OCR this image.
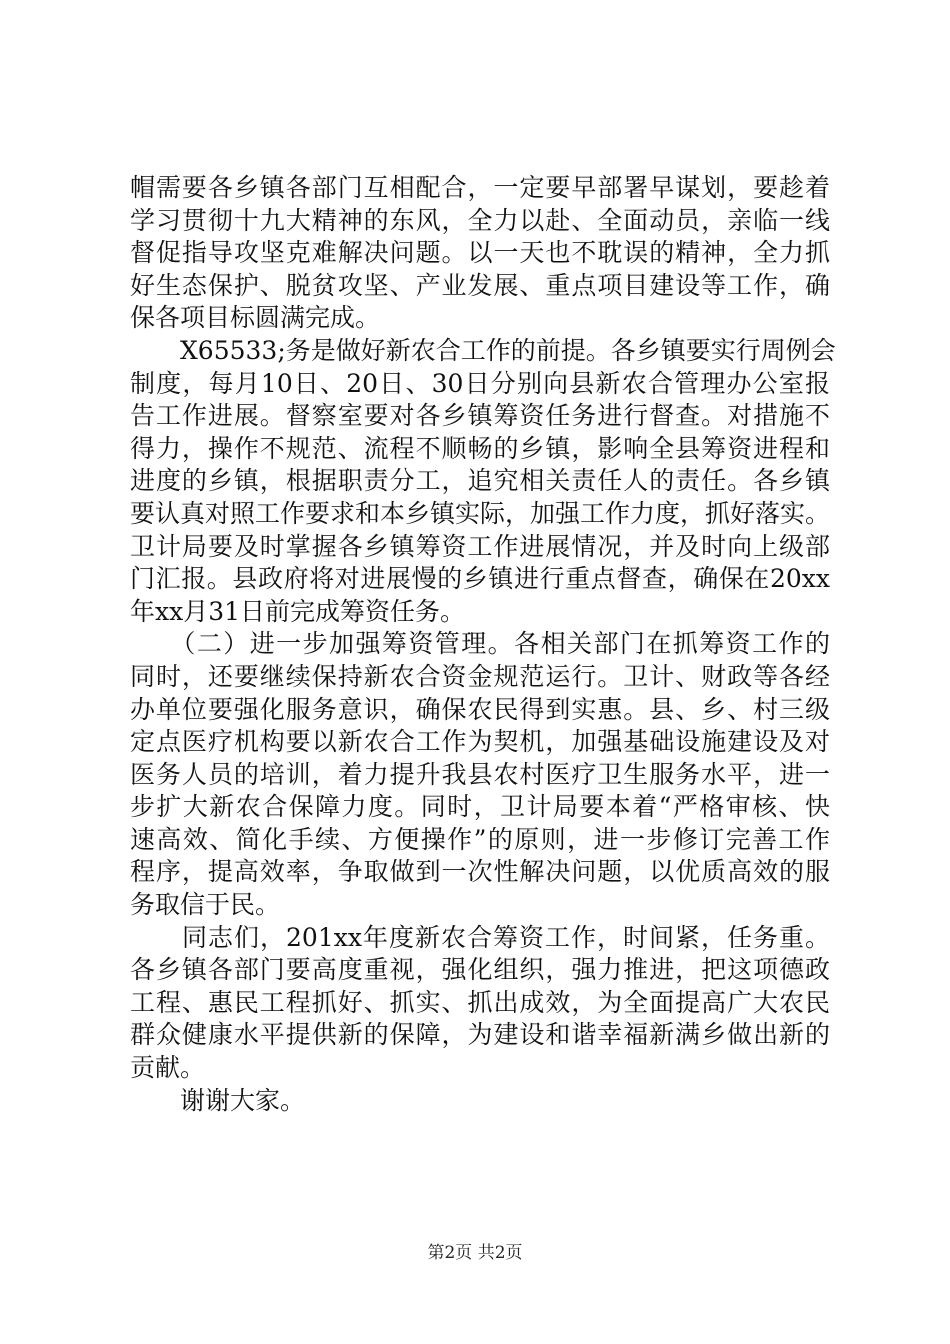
帽需要各乡镇各部门互相配合，一定要早部署早谋划，要趁着
学习贯彻十九大精神的东风，全力以赴、全面动员，亲临一线
督促指导攻坚克难解决问题。以一天也不耽误的精神，全力抓
好生态保护、脱贫攻坚、产业发展、重点项目建设等工作，确
保各项目标圆满完成。
　　X65533;务是做好新农合工作的前提。各乡镇要实行周例会
制度，每月10日、20日、30日分别向县新农合管理办公室报
告工作进展。督察室要对各乡镇筹资任务进行督查。对措施不
得力，操作不规范、流程不顺畅的乡镇，影响全县筹资进程和
进度的乡镇，根据职责分工，追究相关责任人的责任。各乡镇
要认真对照工作要求和本乡镇实际，加强工作力度，抓好落实。
卫计局要及时掌握各乡镇筹资工作进展情况，并及时向上级部
门汇报。县政府将对进展慢的乡镇进行重点督查，确保在20xx
年xx月31日前完成筹资任务。
　　（二）进一步加强筹资管理。各相关部门在抓筹资工作的
同时，还要继续保持新农合资金规范运行。卫计、财政等各经
办单位要强化服务意识，确保农民得到实惠。县、乡、村三级
定点医疗机构要以新农合工作为契机，加强基础设施建设及对
医务人员的培训，着力提升我县农村医疗卫生服务水平，进一
步扩大新农合保障力度。同时，卫计局要本着“严格审核、快
速高效、简化手续、方便操作”的原则，进一步修订完善工作
程序，提高效率，争取做到一次性解决问题，以优质高效的服
务取信于民。
　　同志们，201xx年度新农合筹资工作，时间紧，任务重。
各乡镇各部门要高度重视，强化组织，强力推进，把这项德政
工程、惠民工程抓好、抓实、抓出成效，为全面提高广大农民
群众健康水平提供新的保障，为建设和谐幸福新满乡做出新的
贡献。
　　谢谢大家。
第2页 共2页
